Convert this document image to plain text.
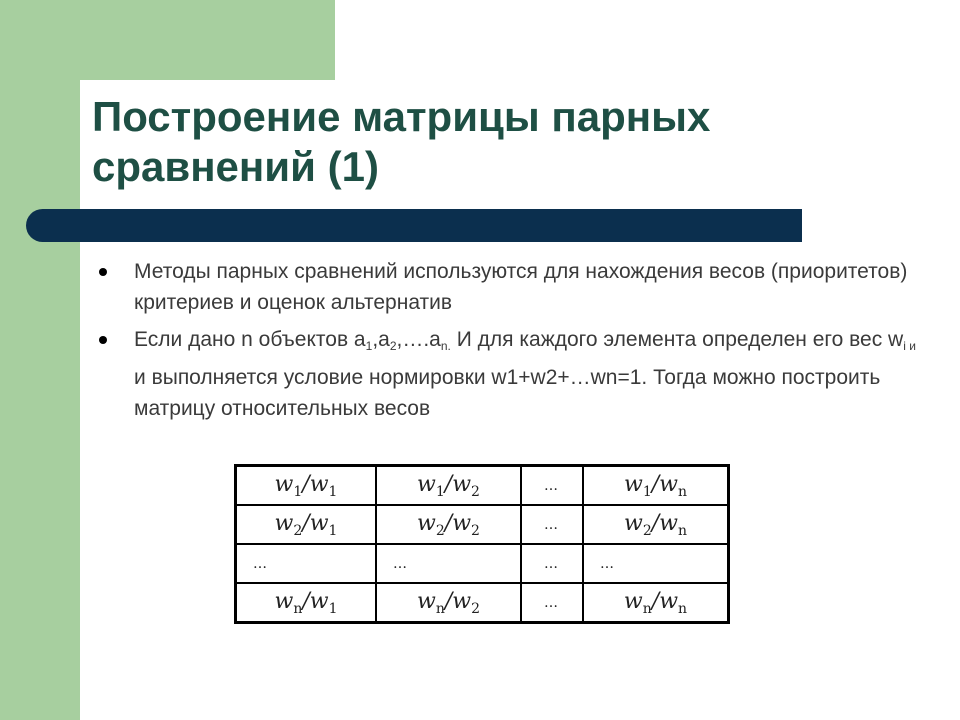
Построение матрицы парных сравнений (1)
Методы парных сравнений используются для нахождения весов (приоритетов) критериев и оценок альтернатив
Если дано n объектов $a_1,a_2,\dots.a_{n.}$ И для каждого элемента определен его вес $w_{i и}$ и выполняется условие нормировки w1+w2+…wn=1. Тогда можно построить матрицу относительных весов
$w_1/w_1$	$w_1/w_2$	…	$w_1/w_n$
$w_2/w_1$	$w_2/w_2$	…	$w_2/w_n$
…	…	…	…
$w_n/w_1$	$w_n/w_2$	…	$w_n/w_n$
